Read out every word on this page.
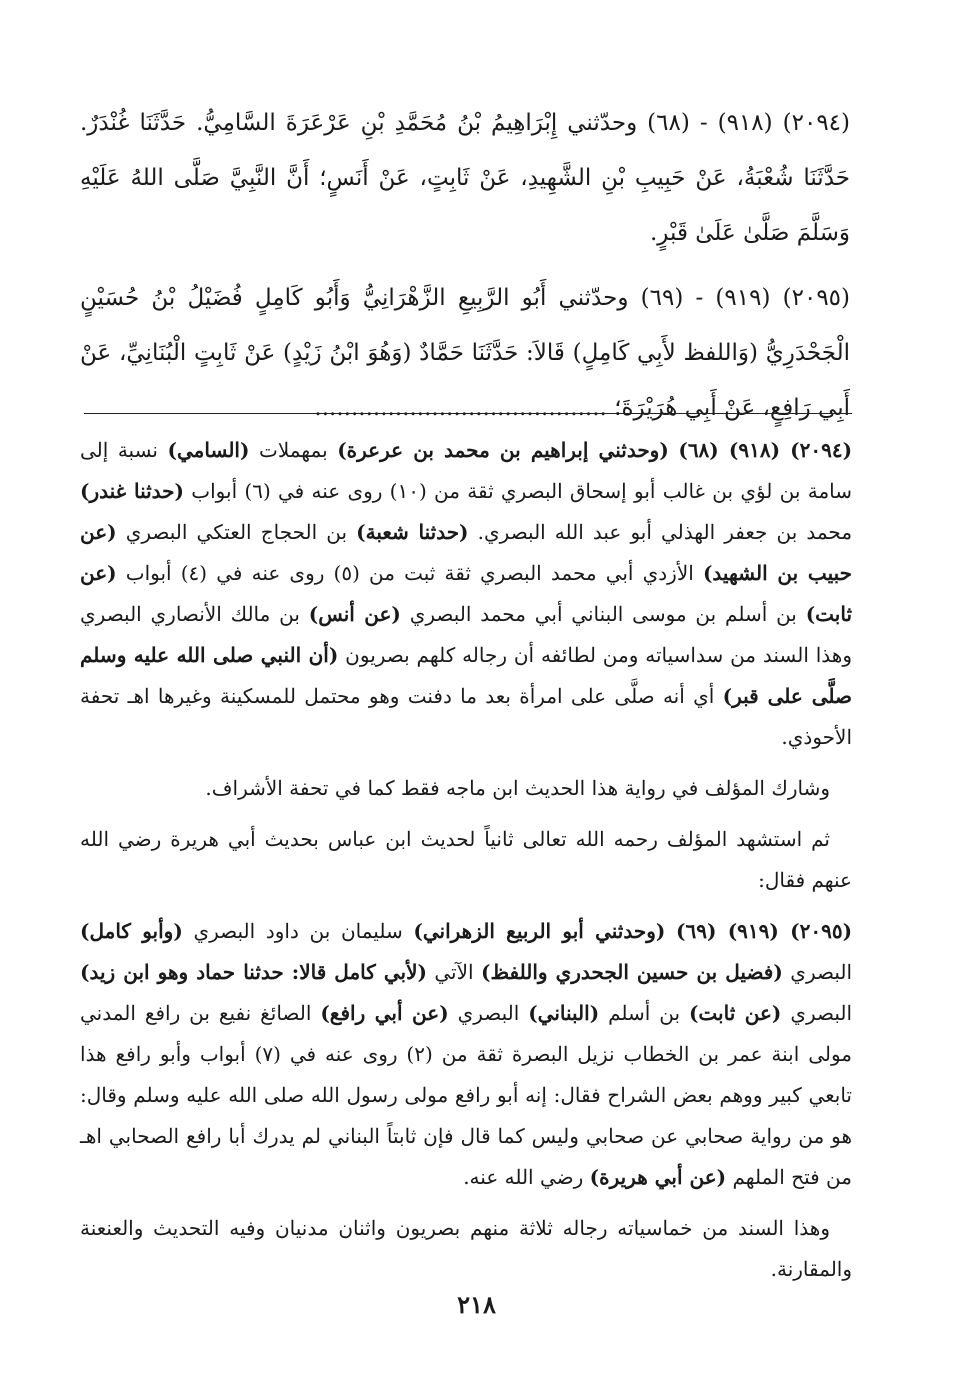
(٢٠٩٤) (٩١٨) - (٦٨) وحدّثني إِبْرَاهِيمُ بْنُ مُحَمَّدِ بْنِ عَرْعَرَةَ السَّامِيُّ. حَدَّثَنَا غُنْدَرٌ. حَدَّثَنَا شُعْبَةُ، عَنْ حَبِيبِ بْنِ الشَّهِيدِ، عَنْ ثَابِتٍ، عَنْ أَنَسٍ؛ أَنَّ النَّبِيَّ صَلَّى اللهُ عَلَيْهِ وَسَلَّمَ صَلَّىٰ عَلَىٰ قَبْرٍ.

(٢٠٩٥) (٩١٩) - (٦٩) وحدّثني أَبُو الرَّبِيعِ الزَّهْرَانِيُّ وَأَبُو كَامِلٍ فُضَيْلُ بْنُ حُسَيْنٍ الْجَحْدَرِيُّ (وَاللفظ لأَبِي كَامِلٍ) قَالاَ: حَدَّثَنَا حَمَّادٌ (وَهُوَ ابْنُ زَيْدٍ) عَنْ ثَابِتٍ الْبُنَانِيِّ، عَنْ أَبِي رَافِعٍ، عَنْ أَبِي هُرَيْرَةَ؛ ........................................

(٢٠٩٤) (٩١٨) (٦٨) (وحدثني إبراهيم بن محمد بن عرعرة) بمهملات (السامي) نسبة إلى سامة بن لؤي بن غالب أبو إسحاق البصري ثقة من (١٠) روى عنه في (٦) أبواب (حدثنا غندر) محمد بن جعفر الهذلي أبو عبد الله البصري. (حدثنا شعبة) بن الحجاج العتكي البصري (عن حبيب بن الشهيد) الأزدي أبي محمد البصري ثقة ثبت من (٥) روى عنه في (٤) أبواب (عن ثابت) بن أسلم بن موسى البناني أبي محمد البصري (عن أنس) بن مالك الأنصاري البصري وهذا السند من سداسياته ومن لطائفه أن رجاله كلهم بصريون (أن النبي صلى الله عليه وسلم صلَّى على قبر) أي أنه صلَّى على امرأة بعد ما دفنت وهو محتمل للمسكينة وغيرها اهـ تحفة الأحوذي.

وشارك المؤلف في رواية هذا الحديث ابن ماجه فقط كما في تحفة الأشراف.

ثم استشهد المؤلف رحمه الله تعالى ثانياً لحديث ابن عباس بحديث أبي هريرة رضي الله عنهم فقال:

(٢٠٩٥) (٩١٩) (٦٩) (وحدثني أبو الربيع الزهراني) سليمان بن داود البصري (وأبو كامل) البصري (فضيل بن حسين الجحدري واللفظ) الآتي (لأبي كامل قالا: حدثنا حماد وهو ابن زيد) البصري (عن ثابت) بن أسلم (البناني) البصري (عن أبي رافع) الصائغ نفيع بن رافع المدني مولى ابنة عمر بن الخطاب نزيل البصرة ثقة من (٢) روى عنه في (٧) أبواب وأبو رافع هذا تابعي كبير ووهم بعض الشراح فقال: إنه أبو رافع مولى رسول الله صلى الله عليه وسلم وقال: هو من رواية صحابي عن صحابي وليس كما قال فإن ثابتاً البناني لم يدرك أبا رافع الصحابي اهـ من فتح الملهم (عن أبي هريرة) رضي الله عنه.

وهذا السند من خماسياته رجاله ثلاثة منهم بصريون واثنان مدنيان وفيه التحديث والعنعنة والمقارنة.

٢١٨
